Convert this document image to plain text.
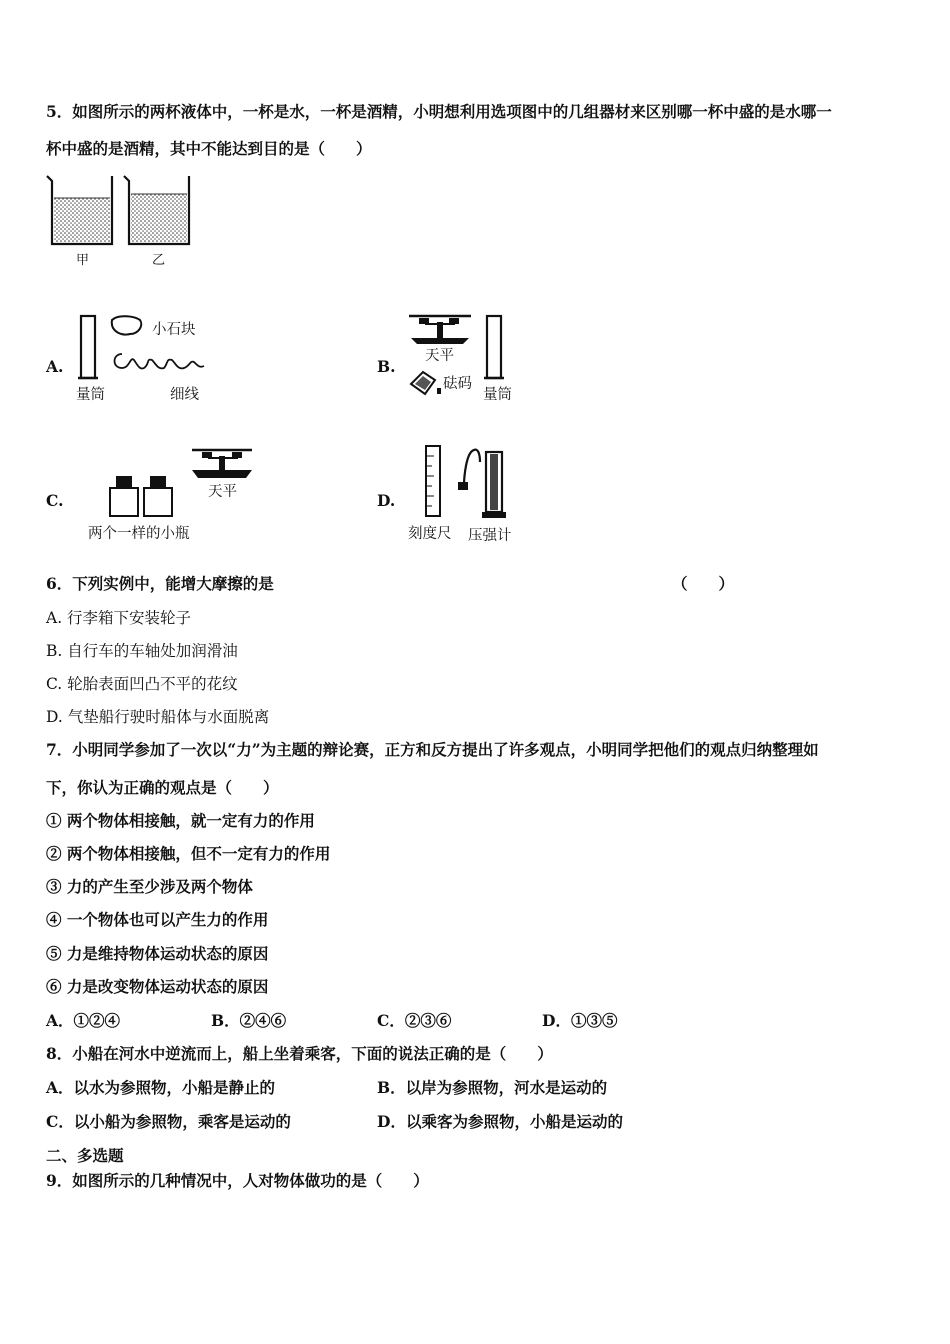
5．如图所示的两杯液体中，一杯是水，一杯是酒精，小明想利用选项图中的几组器材来区别哪一杯中盛的是水哪一
杯中盛的是酒精，其中不能达到目的是（　　）
甲	乙
A.
小石块
量筒	细线
B.
天平
砝码
量筒
C.	天平
两个一样的小瓶
D.
刻度尺 压强计
6．下列实例中，能增大摩擦的是	（　　）
A. 行李箱下安装轮子
B. 自行车的车轴处加润滑油
C. 轮胎表面凹凸不平的花纹
D. 气垫船行驶时船体与水面脱离
7．小明同学参加了一次以“力”为主题的辩论赛，正方和反方提出了许多观点，小明同学把他们的观点归纳整理如
下，你认为正确的观点是（　　）
① 两个物体相接触，就一定有力的作用
② 两个物体相接触，但不一定有力的作用
③ 力的产生至少涉及两个物体
④ 一个物体也可以产生力的作用
⑤ 力是维持物体运动状态的原因
⑥ 力是改变物体运动状态的原因
A．①②④	B．②④⑥	C．②③⑥	D．①③⑤
8．小船在河水中逆流而上，船上坐着乘客，下面的说法正确的是（　　）
A．以水为参照物，小船是静止的	B．以岸为参照物，河水是运动的
C．以小船为参照物，乘客是运动的	D．以乘客为参照物，小船是运动的
二、多选题
9．如图所示的几种情况中，人对物体做功的是（　　）
